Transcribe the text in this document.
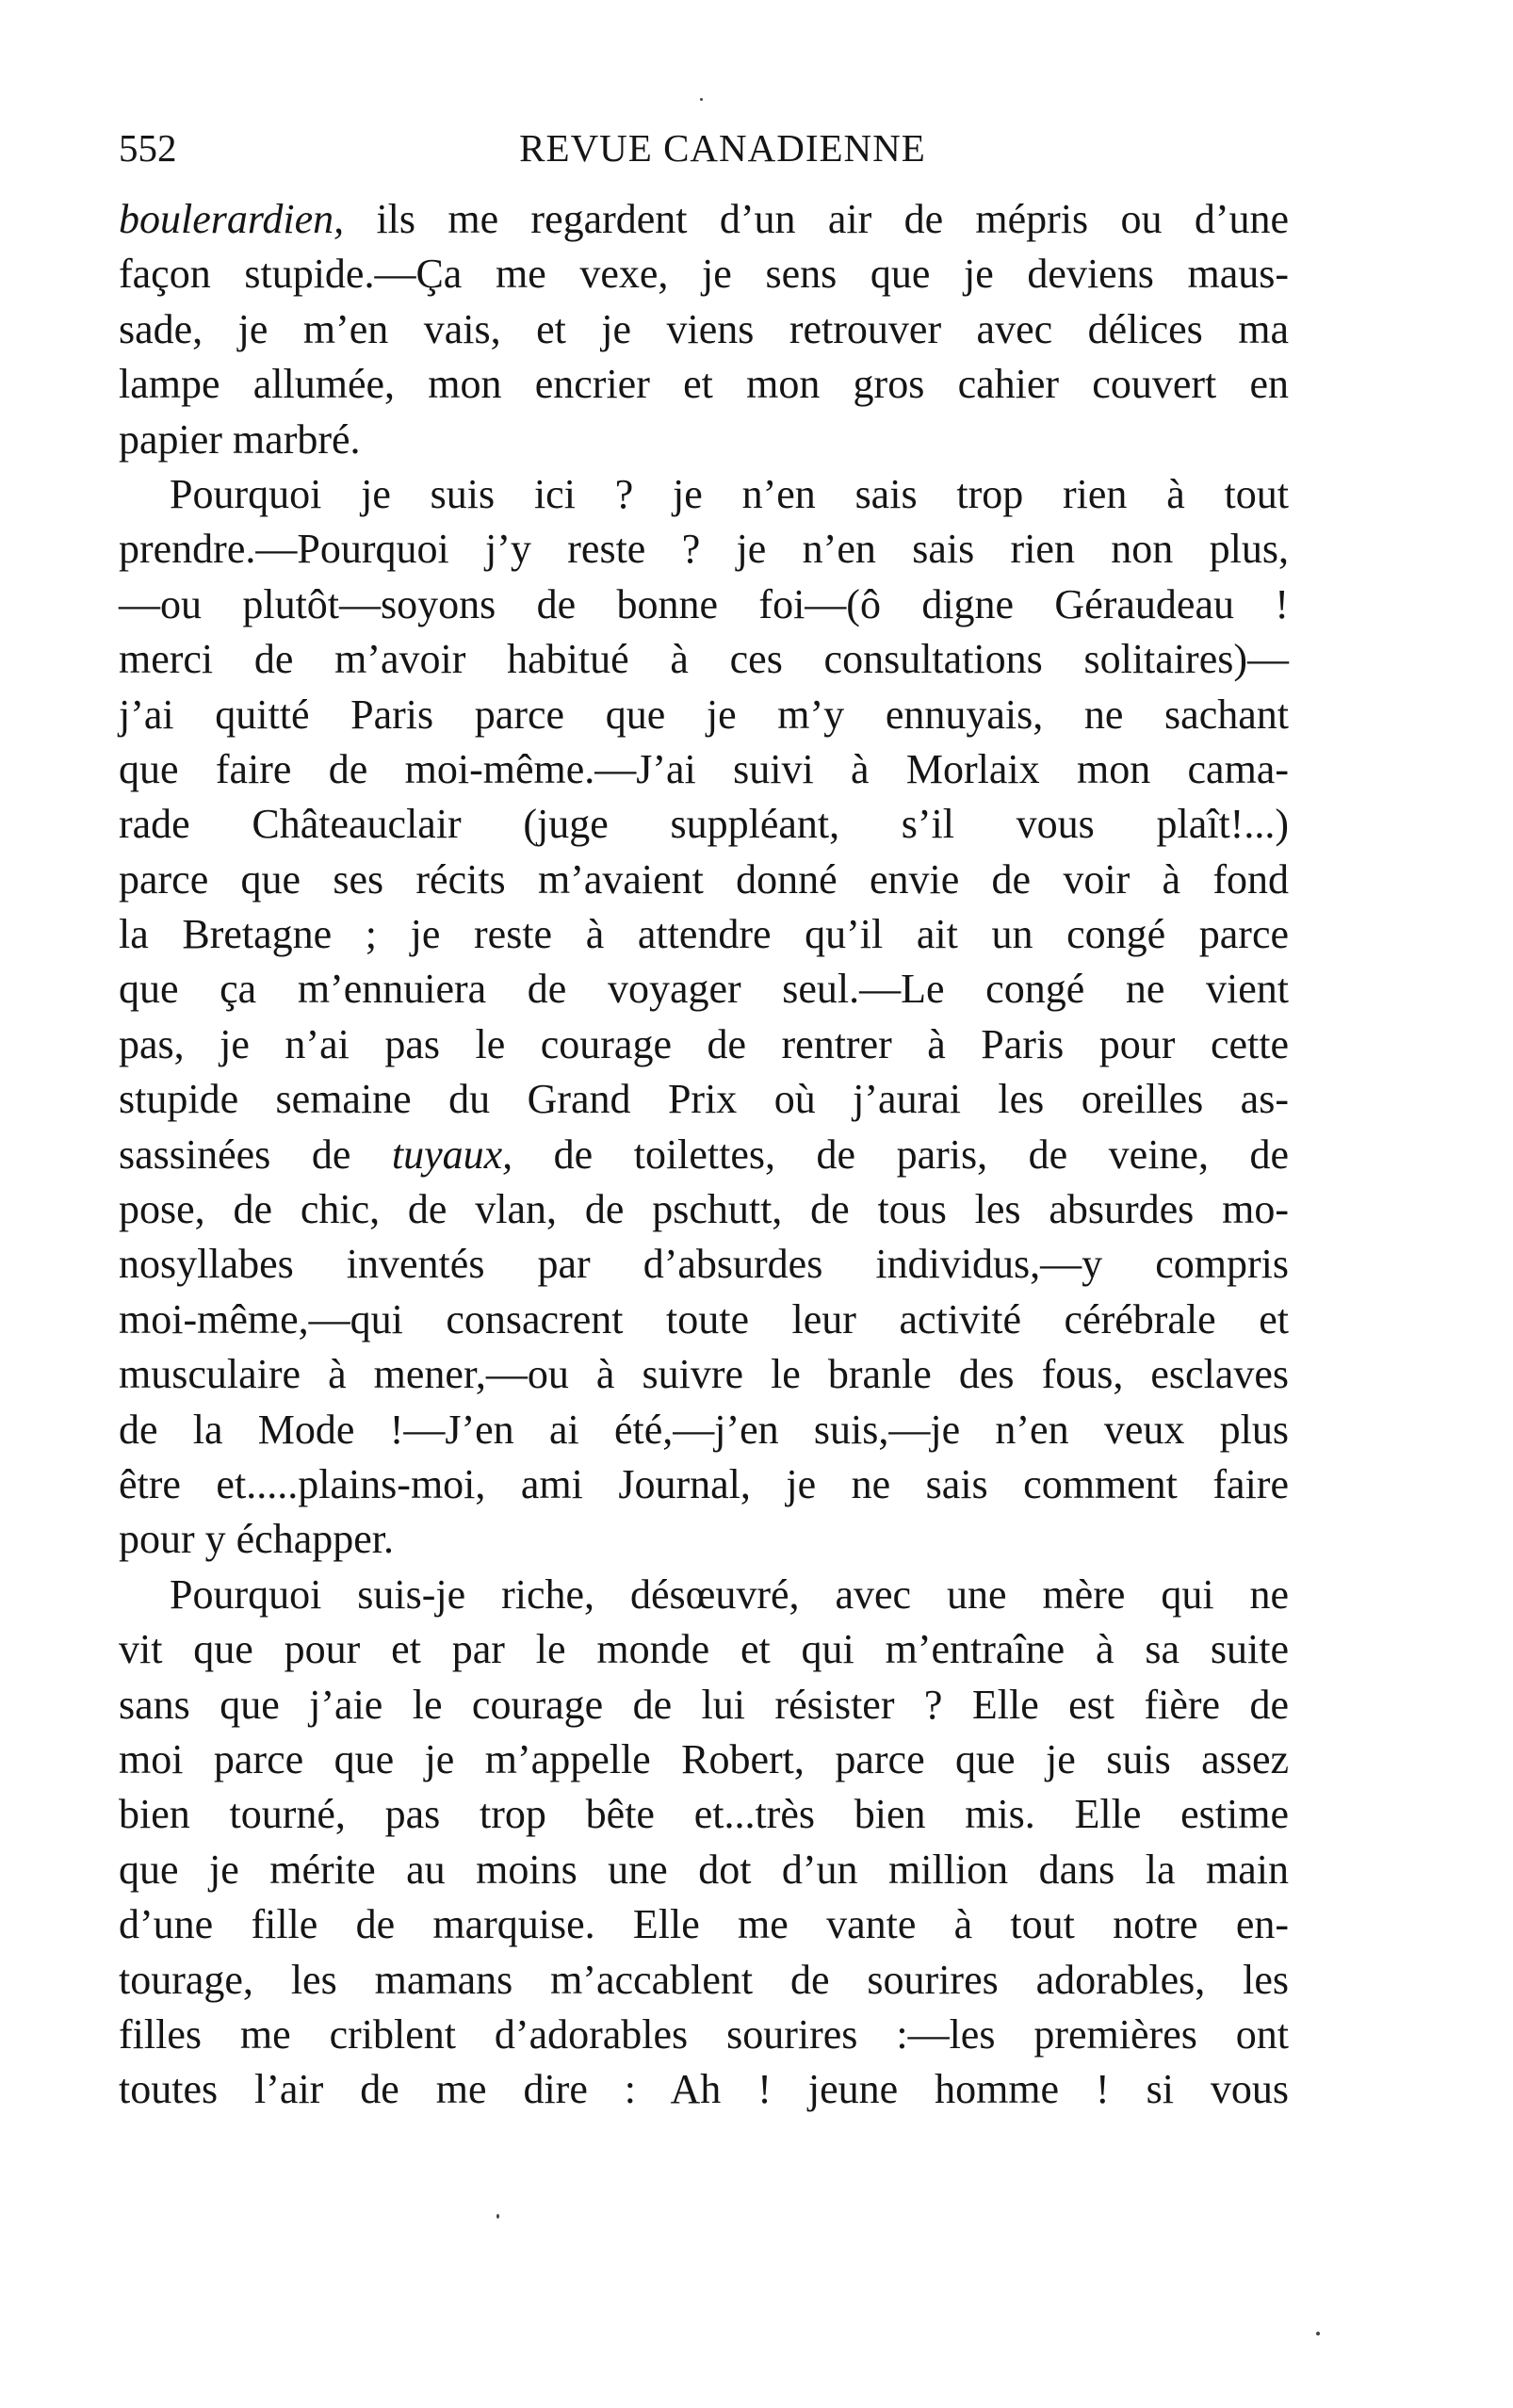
552	REVUE CANADIENNE
boulerardien, ils me regardent d’un air de mépris ou d’une
façon stupide.—Ça me vexe, je sens que je deviens maus-
sade, je m’en vais, et je viens retrouver avec délices ma
lampe allumée, mon encrier et mon gros cahier couvert en
papier marbré.
Pourquoi je suis ici ? je n’en sais trop rien à tout
prendre.—Pourquoi j’y reste ? je n’en sais rien non plus,
—ou plutôt—soyons de bonne foi—(ô digne Géraudeau !
merci de m’avoir habitué à ces consultations solitaires)—
j’ai quitté Paris parce que je m’y ennuyais, ne sachant
que faire de moi-même.—J’ai suivi à Morlaix mon cama-
rade Châteauclair (juge suppléant, s’il vous plaît!...)
parce que ses récits m’avaient donné envie de voir à fond
la Bretagne ; je reste à attendre qu’il ait un congé parce
que ça m’ennuiera de voyager seul.—Le congé ne vient
pas, je n’ai pas le courage de rentrer à Paris pour cette
stupide semaine du Grand Prix où j’aurai les oreilles as-
sassinées de tuyaux, de toilettes, de paris, de veine, de
pose, de chic, de vlan, de pschutt, de tous les absurdes mo-
nosyllabes inventés par d’absurdes individus,—y compris
moi-même,—qui consacrent toute leur activité cérébrale et
musculaire à mener,—ou à suivre le branle des fous, esclaves
de la Mode !—J’en ai été,—j’en suis,—je n’en veux plus
être et.....plains-moi, ami Journal, je ne sais comment faire
pour y échapper.
Pourquoi suis-je riche, désœuvré, avec une mère qui ne
vit que pour et par le monde et qui m’entraîne à sa suite
sans que j’aie le courage de lui résister ? Elle est fière de
moi parce que je m’appelle Robert, parce que je suis assez
bien tourné, pas trop bête et...très bien mis. Elle estime
que je mérite au moins une dot d’un million dans la main
d’une fille de marquise. Elle me vante à tout notre en-
tourage, les mamans m’accablent de sourires adorables, les
filles me criblent d’adorables sourires :—les premières ont
toutes l’air de me dire : Ah ! jeune homme ! si vous
